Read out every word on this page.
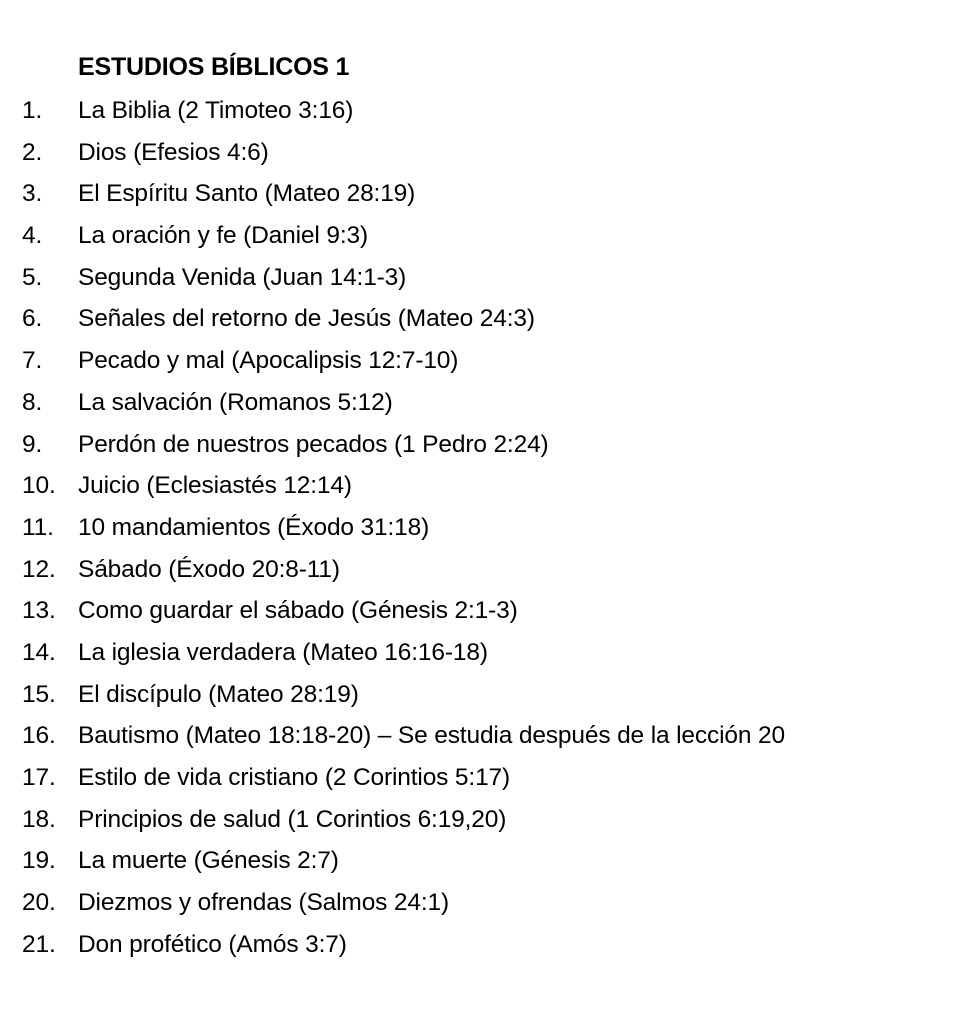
ESTUDIOS BÍBLICOS 1
1. La Biblia (2 Timoteo 3:16)
2. Dios (Efesios 4:6)
3. El Espíritu Santo (Mateo 28:19)
4. La oración y fe (Daniel 9:3)
5. Segunda Venida (Juan 14:1-3)
6. Señales del retorno de Jesús (Mateo 24:3)
7. Pecado y mal (Apocalipsis 12:7-10)
8. La salvación (Romanos 5:12)
9. Perdón de nuestros pecados (1 Pedro 2:24)
10. Juicio (Eclesiastés 12:14)
11. 10 mandamientos (Éxodo 31:18)
12. Sábado (Éxodo 20:8-11)
13. Como guardar el sábado (Génesis 2:1-3)
14. La iglesia verdadera (Mateo 16:16-18)
15. El discípulo (Mateo 28:19)
16. Bautismo (Mateo 18:18-20) – Se estudia después de la lección 20
17. Estilo de vida cristiano (2 Corintios 5:17)
18. Principios de salud (1 Corintios 6:19,20)
19. La muerte (Génesis 2:7)
20. Diezmos y ofrendas (Salmos 24:1)
21. Don profético (Amós 3:7)
